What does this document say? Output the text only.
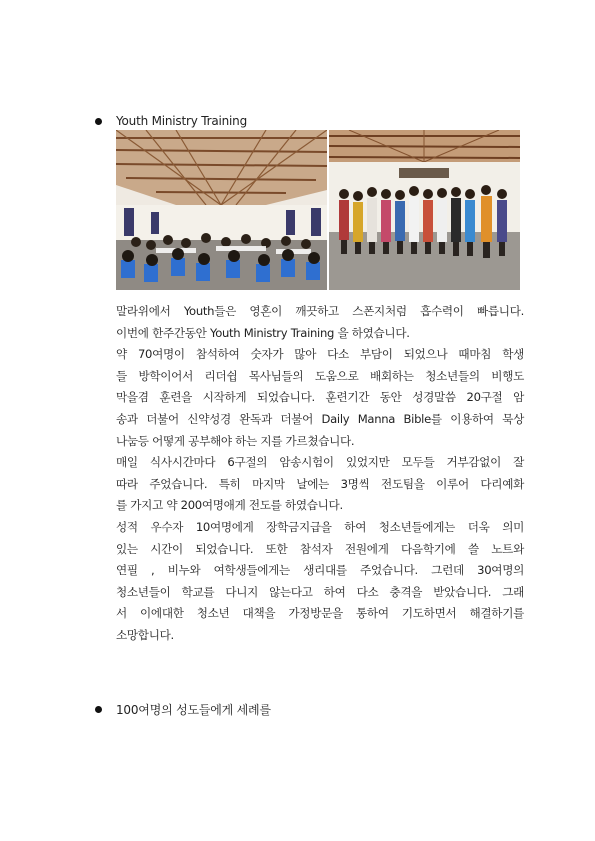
Youth Ministry Training

말라위에서 Youth들은 영혼이 깨끗하고 스폰지처럼 흡수력이 빠릅니다.

이번에 한주간동안 Youth Ministry Training 을 하였습니다.

약 70여명이 참석하여 숫자가 많아 다소 부담이 되었으나 때마침 학생

들 방학이어서 리더쉽 목사님들의 도움으로 배회하는 청소년들의 비행도

막을겸 훈련을 시작하게 되었습니다. 훈련기간 동안 성경말씀 20구절 암

송과 더불어 신약성경 완독과 더불어 Daily Manna Bible를 이용하여 묵상

나눔등 어떻게 공부해야 하는 지를 가르쳤습니다.

매일 식사시간마다 6구절의 암송시험이 있었지만 모두들 거부감없이 잘

따라 주었습니다. 특히 마지막 날에는 3명씩 전도팀을 이루어 다리예화

를 가지고 약 200여명애게 전도를 하였습니다.

성적 우수자 10여명에게 장학금지급을 하여 청소년들에게는 더욱 의미

있는 시간이 되었습니다. 또한 참석자 전원에게 다음학기에 쓸 노트와

연필 , 비누와 여학생들에게는 생리대를 주었습니다. 그런데 30여명의

청소년들이 학교를 다니지 않는다고 하여 다소 충격을 받았습니다. 그래

서 이에대한 청소년 대책을 가정방문을 통하여 기도하면서 해결하기를

소망합니다.

100여명의 성도들에게 세례를
